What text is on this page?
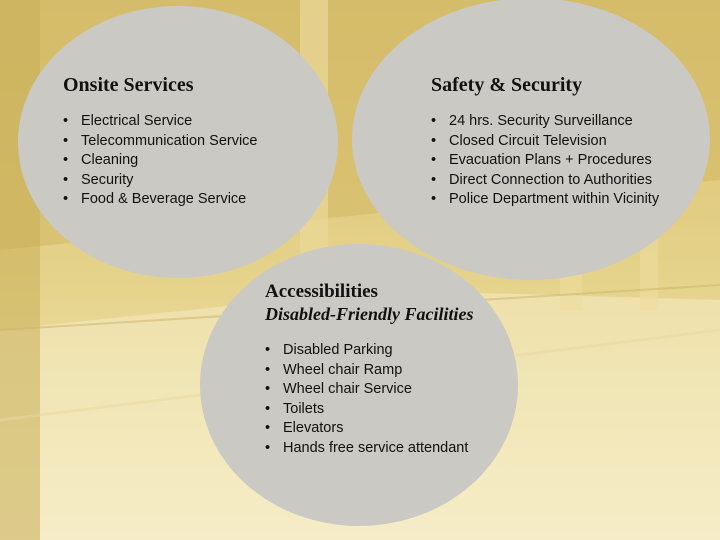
Onsite Services
• Electrical Service
• Telecommunication Service
• Cleaning
• Security
• Food & Beverage Service
Safety & Security
• 24 hrs. Security Surveillance
• Closed Circuit Television
• Evacuation Plans + Procedures
• Direct Connection to Authorities
• Police Department within Vicinity
Accessibilities
Disabled-Friendly Facilities
• Disabled Parking
• Wheel chair Ramp
• Wheel chair Service
• Toilets
• Elevators
• Hands free service attendant
